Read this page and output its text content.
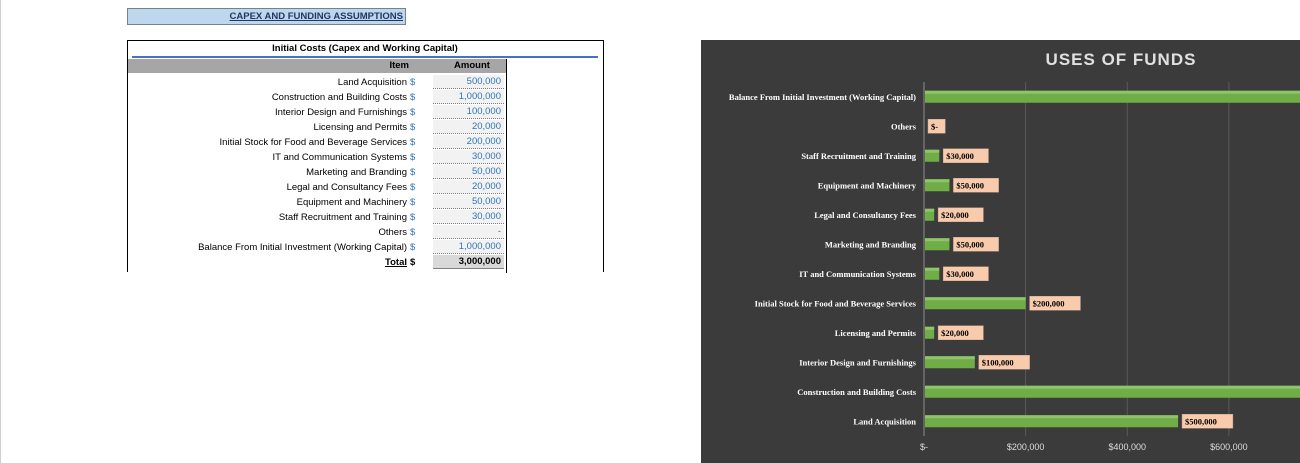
CAPEX AND FUNDING ASSUMPTIONS
Initial Costs (Capex and Working Capital)
Item	Amount
Land Acquisition $	500,000
Construction and Building Costs $	1,000,000
Interior Design and Furnishings $	100,000
Licensing and Permits $	20,000
Initial Stock for Food and Beverage Services $	200,000
IT and Communication Systems $	30,000
Marketing and Branding $	50,000
Legal and Consultancy Fees $	20,000
Equipment and Machinery $	50,000
Staff Recruitment and Training $	30,000
Others $	-
Balance From Initial Investment (Working Capital) $	1,000,000
Total $	3,000,000
USES OF FUNDS
$-	$200,000	$400,000	$600,000
Balance From Initial Investment (Working Capital)
Others $-
Staff Recruitment and Training	$30,000
Equipment and Machinery	$50,000
Legal and Consultancy Fees	$20,000
Marketing and Branding	$50,000
IT and Communication Systems	$30,000
Initial Stock for Food and Beverage Services	$200,000
Licensing and Permits	$20,000
Interior Design and Furnishings	$100,000
Construction and Building Costs
Land Acquisition	$500,000
